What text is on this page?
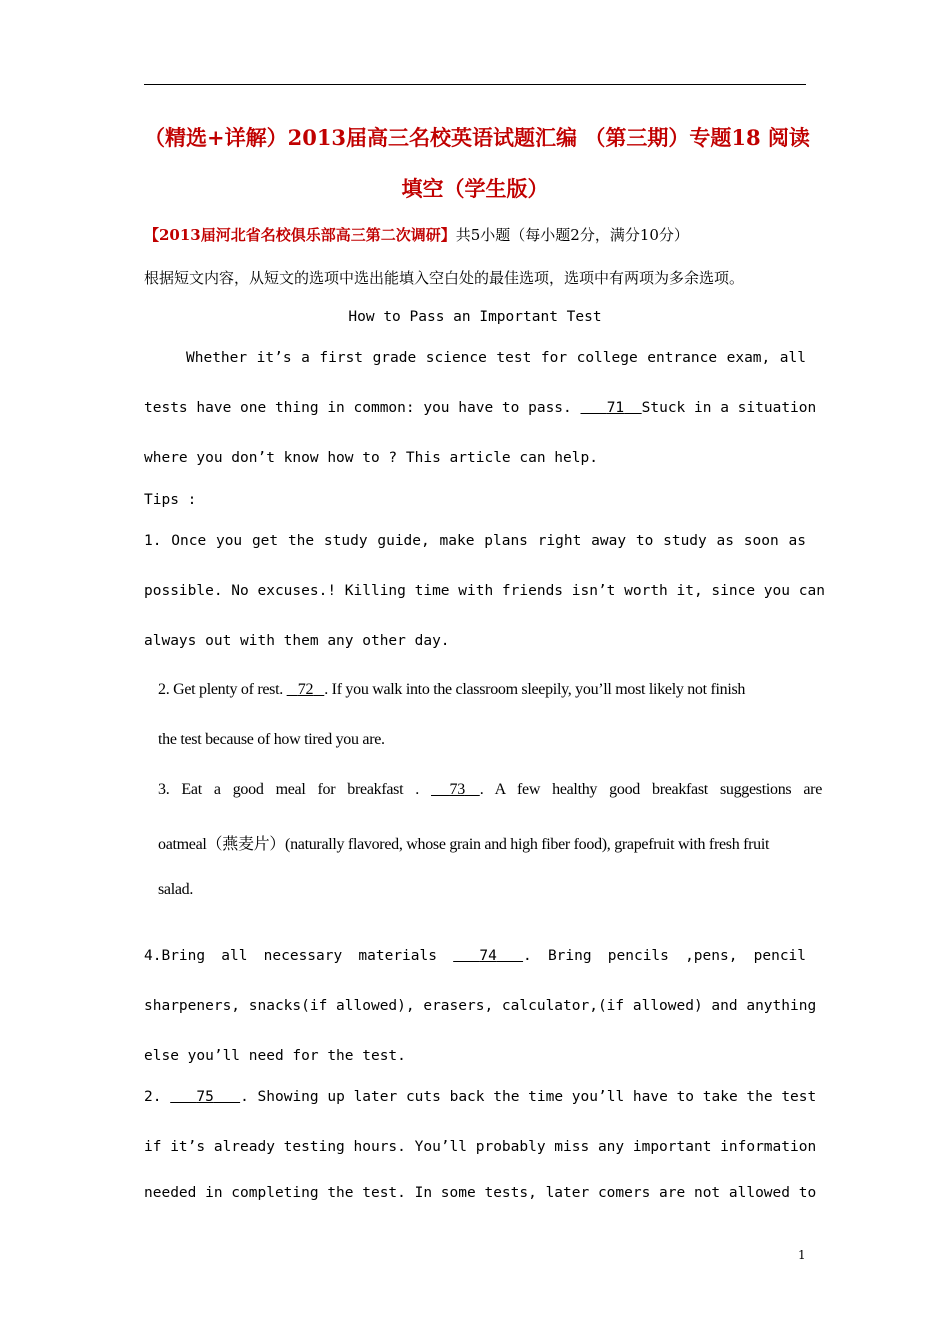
（精选+详解）2013届高三名校英语试题汇编 （第三期）专题18 阅读
填空（学生版）
【2013届河北省名校俱乐部高三第二次调研】共5小题（每小题2分，满分10分）
根据短文内容，从短文的选项中选出能填入空白处的最佳选项，选项中有两项为多余选项。
How to Pass an Important Test
Whether it’s a first grade science test for college entrance exam, all
tests have one thing in common: you have to pass. 71 Stuck in a situation
where you don’t know how to ? This article can help.
Tips :
1. Once you get the study guide, make plans right away to study as soon as
possible. No excuses.! Killing time with friends isn’t worth it, since you can
always out with them any other day.
2. Get plenty of rest. 72 . If you walk into the classroom sleepily, you’ll most likely not finish
the test because of how tired you are.
3. Eat a good meal for breakfast . 73 . A few healthy good breakfast suggestions are
oatmeal（燕麦片）(naturally flavored, whose grain and high fiber food), grapefruit with fresh fruit
salad.
4.Bring all necessary materials	74 . Bring pencils ,pens, pencil
sharpeners, snacks(if allowed), erasers, calculator,(if allowed) and anything
else you’ll need for the test.
2. 75 . Showing up later cuts back the time you’ll have to take the test
if it’s already testing hours. You’ll probably miss any important information
needed in completing the test. In some tests, later comers are not allowed to
1
